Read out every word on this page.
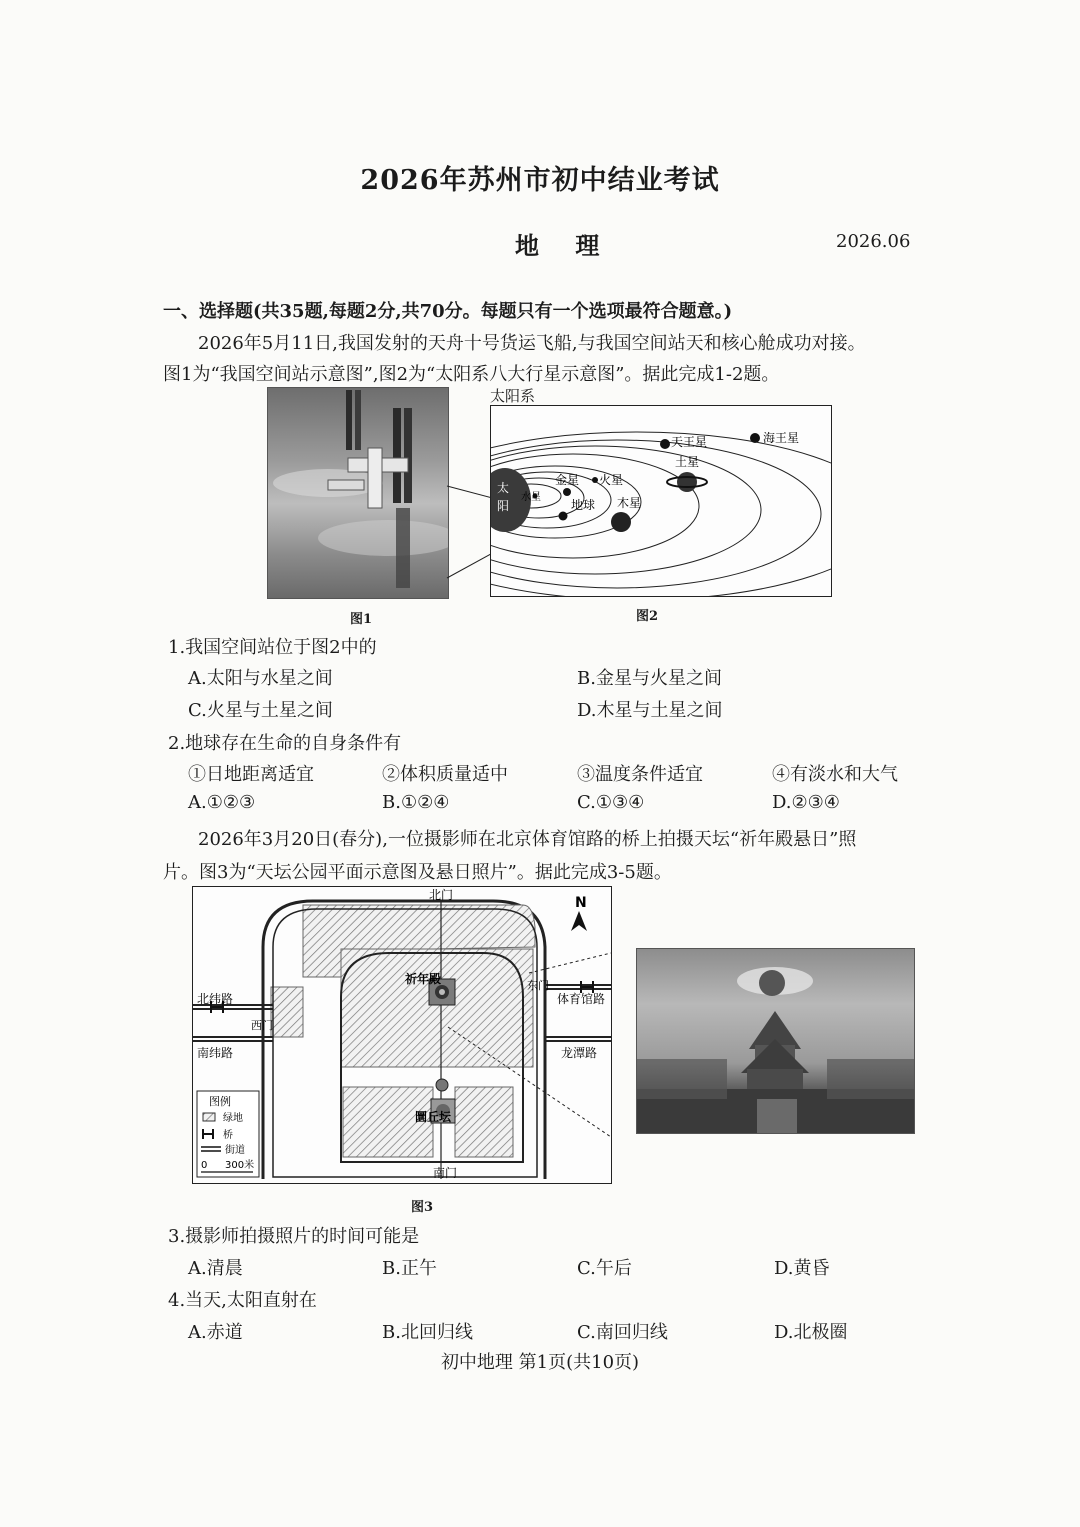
2026年苏州市初中结业考试
地 理	2026.06
一、选择题(共35题,每题2分,共70分。每题只有一个选项最符合题意。)
2026年5月11日,我国发射的天舟十号货运飞船,与我国空间站天和核心舱成功对接。
图1为“我国空间站示意图”,图2为“太阳系八大行星示意图”。据此完成1-2题。
图1
太阳系
太
阳
水星
金星
地球
火星
木星
土星
天王星	海王星
图2
1.我国空间站位于图2中的
A.太阳与水星之间	B.金星与火星之间
C.火星与土星之间	D.木星与土星之间
2.地球存在生命的自身条件有
①日地距离适宜	②体积质量适中	③温度条件适宜	④有淡水和大气
A.①②③	B.①②④	C.①③④	D.②③④
2026年3月20日(春分),一位摄影师在北京体育馆路的桥上拍摄天坛“祈年殿悬日”照
片。图3为“天坛公园平面示意图及悬日照片”。据此完成3-5题。
北门
南门
N
北纬路
南纬路
体育馆路
龙潭路
西门
东门
祈年殿
圜丘坛
图例
绿地
桥
街道
0 300米
图3
3.摄影师拍摄照片的时间可能是
A.清晨	B.正午	C.午后	D.黄昏
4.当天,太阳直射在
A.赤道	B.北回归线	C.南回归线	D.北极圈
初中地理 第1页(共10页)
